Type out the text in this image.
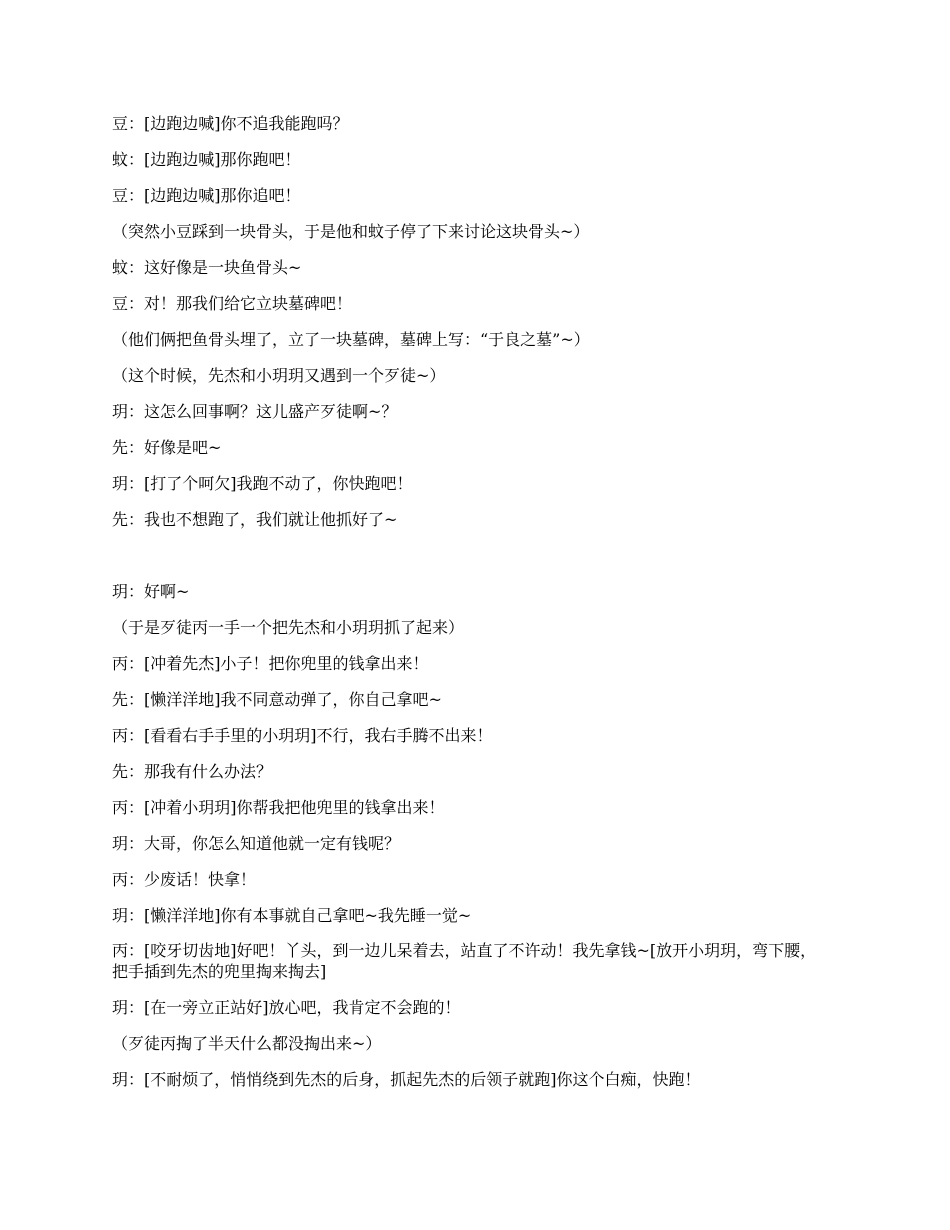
豆：[边跑边喊]你不追我能跑吗？
蚊：[边跑边喊]那你跑吧！
豆：[边跑边喊]那你追吧！
（突然小豆踩到一块骨头，于是他和蚊子停了下来讨论这块骨头~）
蚊：这好像是一块鱼骨头~
豆：对！那我们给它立块墓碑吧！
（他们俩把鱼骨头埋了，立了一块墓碑，墓碑上写：“于良之墓”~）
（这个时候，先杰和小玥玥又遇到一个歹徒~）
玥：这怎么回事啊？这儿盛产歹徒啊~？
先：好像是吧~
玥：[打了个呵欠]我跑不动了，你快跑吧！
先：我也不想跑了，我们就让他抓好了~
玥：好啊~
（于是歹徒丙一手一个把先杰和小玥玥抓了起来）
丙：[冲着先杰]小子！把你兜里的钱拿出来！
先：[懒洋洋地]我不同意动弹了，你自己拿吧~
丙：[看看右手手里的小玥玥]不行，我右手腾不出来！
先：那我有什么办法？
丙：[冲着小玥玥]你帮我把他兜里的钱拿出来！
玥：大哥，你怎么知道他就一定有钱呢？
丙：少废话！快拿！
玥：[懒洋洋地]你有本事就自己拿吧~我先睡一觉~
丙：[咬牙切齿地]好吧！丫头，到一边儿呆着去，站直了不许动！我先拿钱~[放开小玥玥，弯下腰，把手插到先杰的兜里掏来掏去]
玥：[在一旁立正站好]放心吧，我肯定不会跑的！
（歹徒丙掏了半天什么都没掏出来~）
玥：[不耐烦了，悄悄绕到先杰的后身，抓起先杰的后领子就跑]你这个白痴，快跑！
